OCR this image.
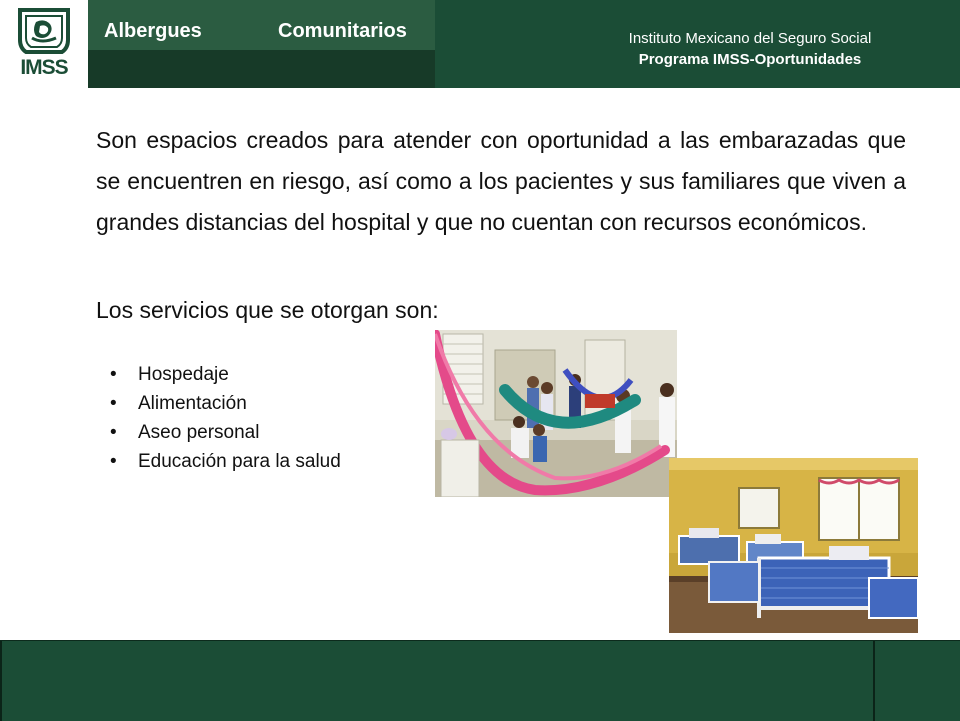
IMSS
Albergues	Comunitarios	Instituto Mexicano del Seguro Social
Programa IMSS-Oportunidades

Son espacios creados para atender con oportunidad a las embarazadas que se encuentren en riesgo, así como a los pacientes y sus familiares que viven a grandes distancias del hospital y que no cuentan con recursos económicos.

Los servicios que se otorgan son:

• Hospedaje
• Alimentación
• Aseo personal
• Educación para la salud
